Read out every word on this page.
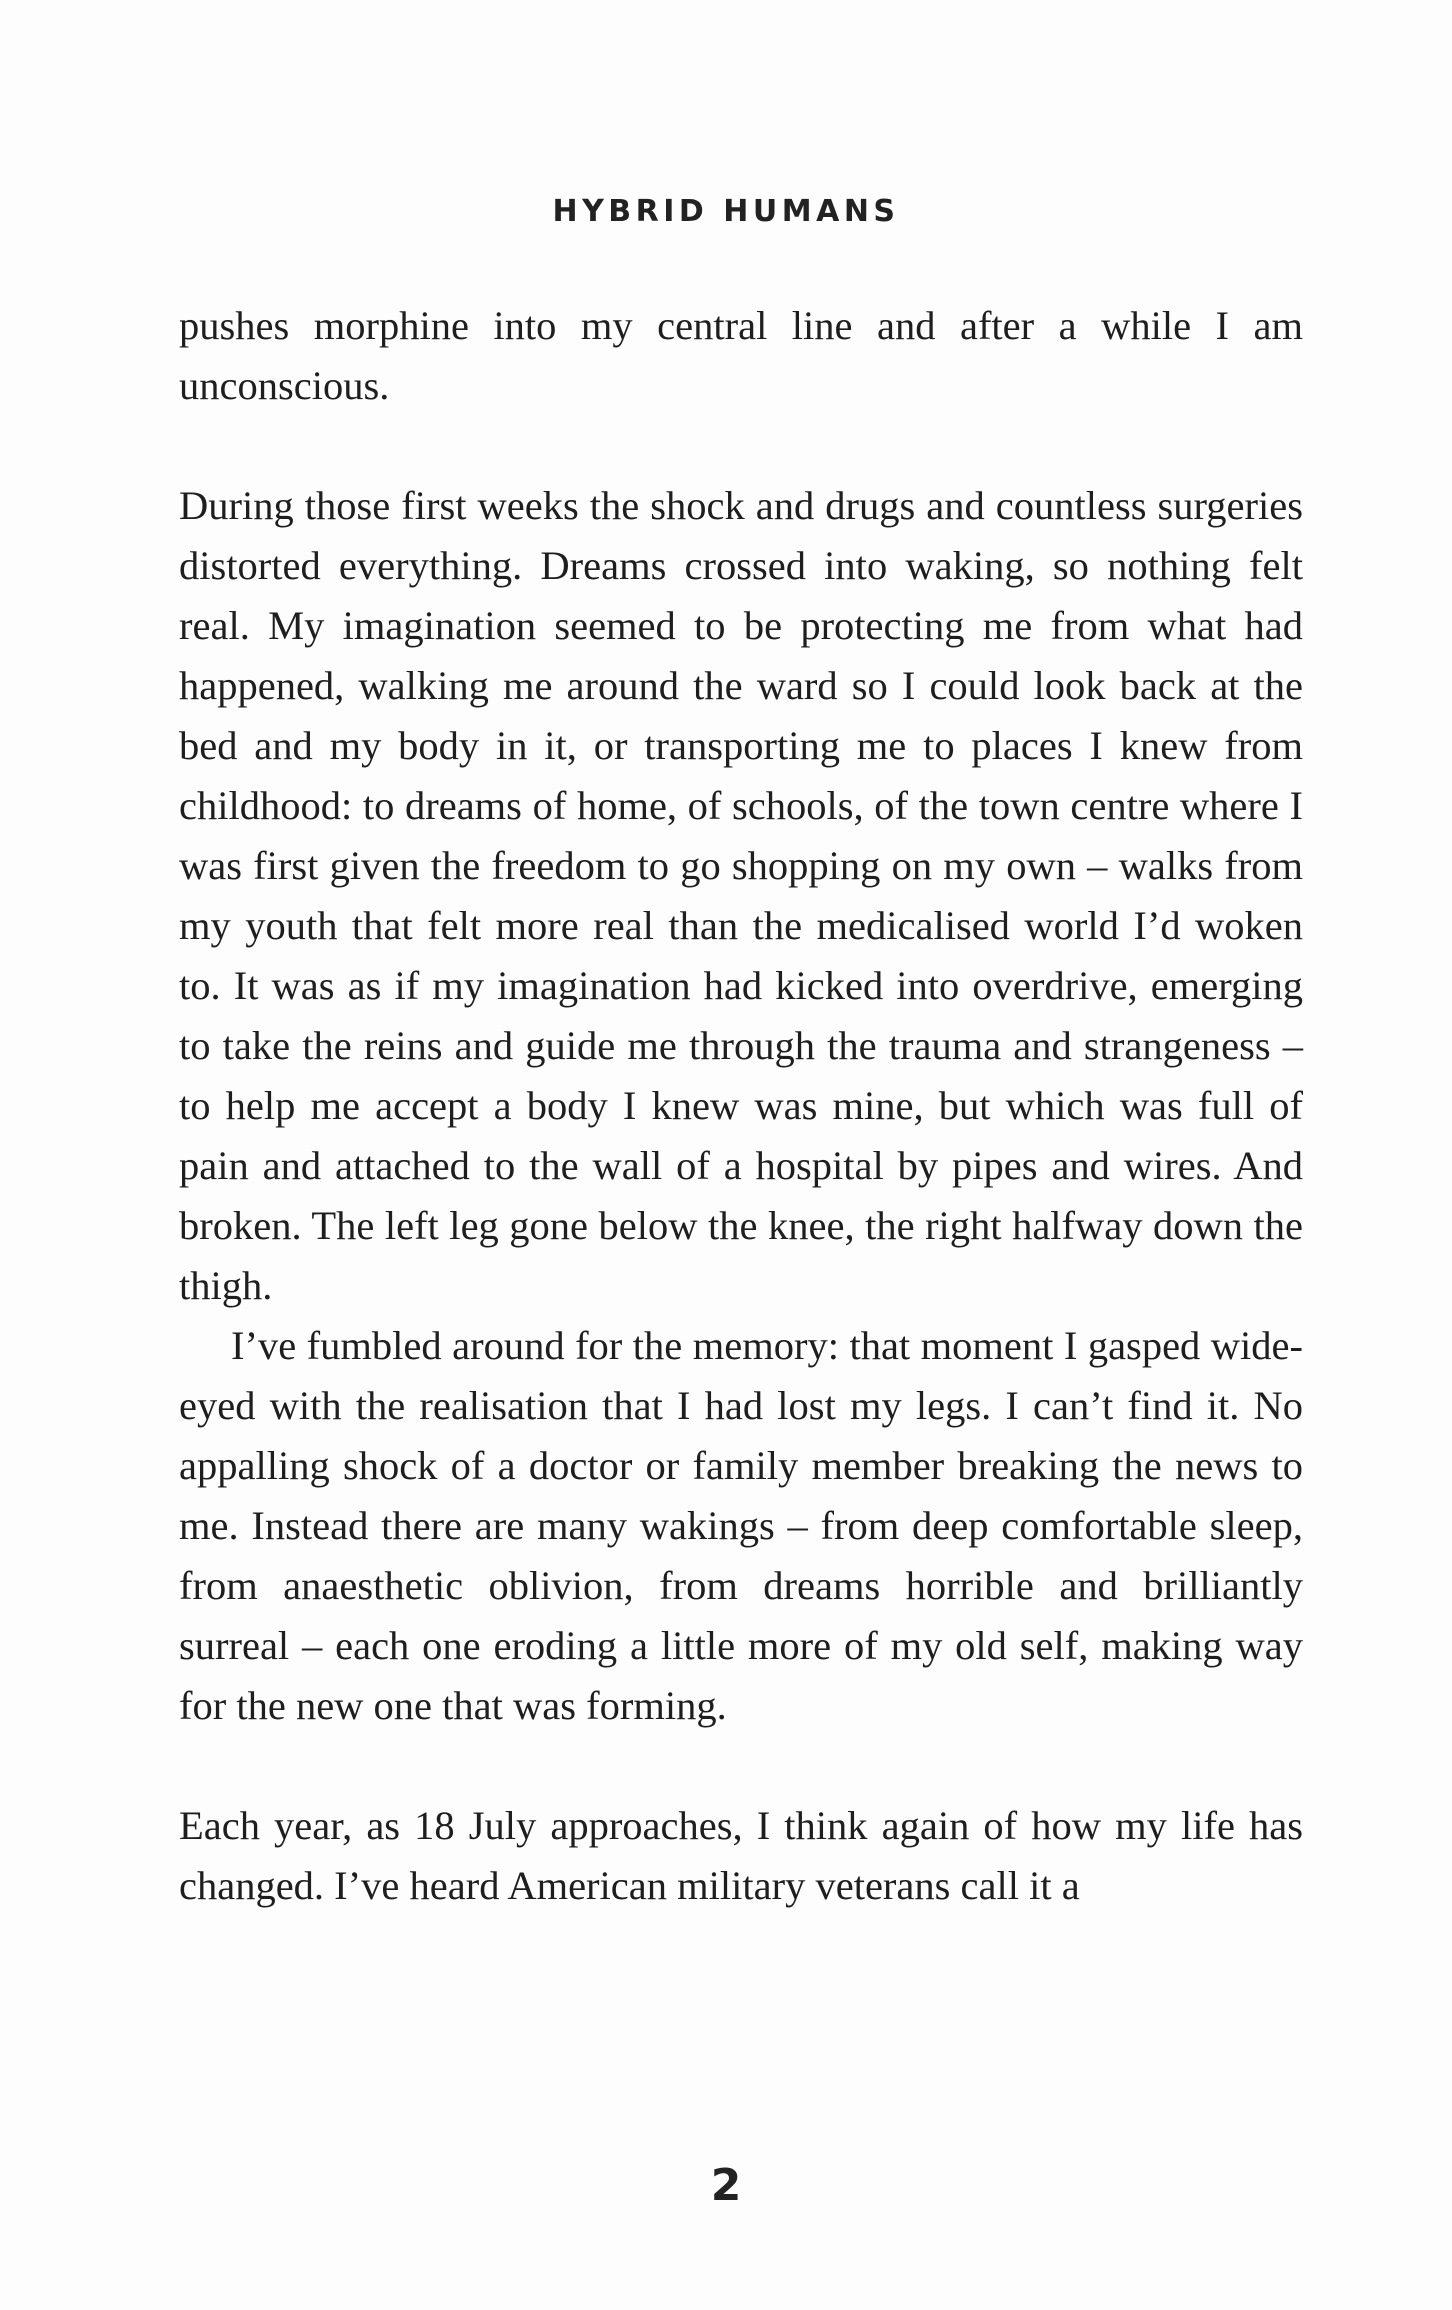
HYBRID HUMANS

pushes morphine into my central line and after a while I am unconscious.

During those first weeks the shock and drugs and countless surgeries distorted everything. Dreams crossed into waking, so nothing felt real. My imagination seemed to be protecting me from what had happened, walking me around the ward so I could look back at the bed and my body in it, or transporting me to places I knew from childhood: to dreams of home, of schools, of the town centre where I was first given the freedom to go shopping on my own – walks from my youth that felt more real than the medicalised world I’d woken to. It was as if my imagination had kicked into overdrive, emerging to take the reins and guide me through the trauma and strangeness – to help me accept a body I knew was mine, but which was full of pain and attached to the wall of a hospital by pipes and wires. And broken. The left leg gone below the knee, the right halfway down the thigh.

I’ve fumbled around for the memory: that moment I gasped wide-eyed with the realisation that I had lost my legs. I can’t find it. No appalling shock of a doctor or family member breaking the news to me. Instead there are many wakings – from deep comfortable sleep, from anaesthetic oblivion, from dreams horrible and brilliantly surreal – each one eroding a little more of my old self, making way for the new one that was forming.

Each year, as 18 July approaches, I think again of how my life has changed. I’ve heard American military veterans call it a

2
